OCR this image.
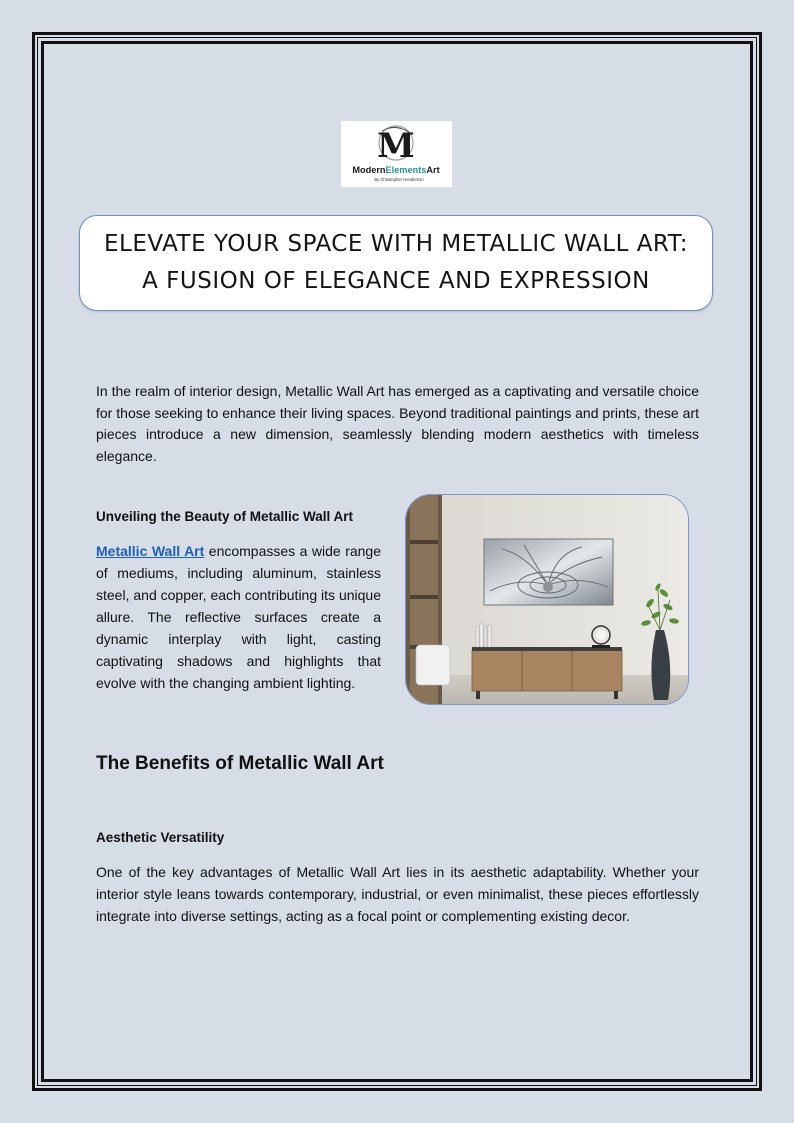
M
ModernElementsArt
By Christopher Henderson
ELEVATE YOUR SPACE WITH METALLIC WALL ART: A FUSION OF ELEGANCE AND EXPRESSION

In the realm of interior design, Metallic Wall Art has emerged as a captivating and versatile choice for those seeking to enhance their living spaces. Beyond traditional paintings and prints, these art pieces introduce a new dimension, seamlessly blending modern aesthetics with timeless elegance.

Unveiling the Beauty of Metallic Wall Art

Metallic Wall Art encompasses a wide range of mediums, including aluminum, stainless steel, and copper, each contributing its unique allure. The reflective surfaces create a dynamic interplay with light, casting captivating shadows and highlights that evolve with the changing ambient lighting.

The Benefits of Metallic Wall Art
Aesthetic Versatility

One of the key advantages of Metallic Wall Art lies in its aesthetic adaptability. Whether your interior style leans towards contemporary, industrial, or even minimalist, these pieces effortlessly integrate into diverse settings, acting as a focal point or complementing existing decor.
